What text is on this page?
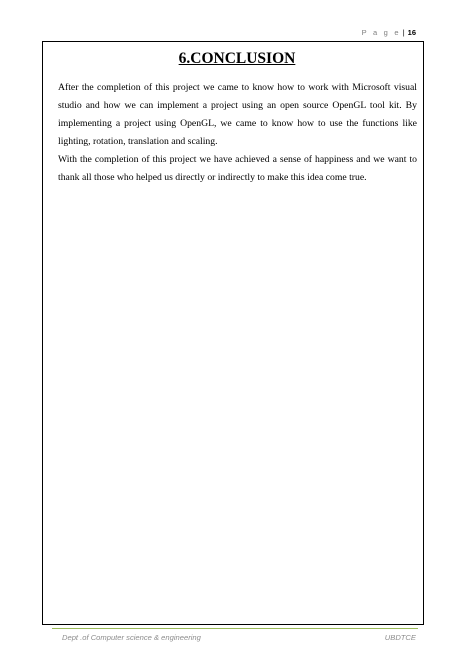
P a g e | 16
6.CONCLUSION

After the completion of this project we came to know how to work with Microsoft visual studio and how we can implement a project using an open source OpenGL tool kit. By implementing a project using OpenGL, we came to know how to use the functions like lighting, rotation, translation and scaling.

With the completion of this project we have achieved a sense of happiness and we want to thank all those who helped us directly or indirectly to make this idea come true.

Dept .of Computer science & engineering	UBDTCE
